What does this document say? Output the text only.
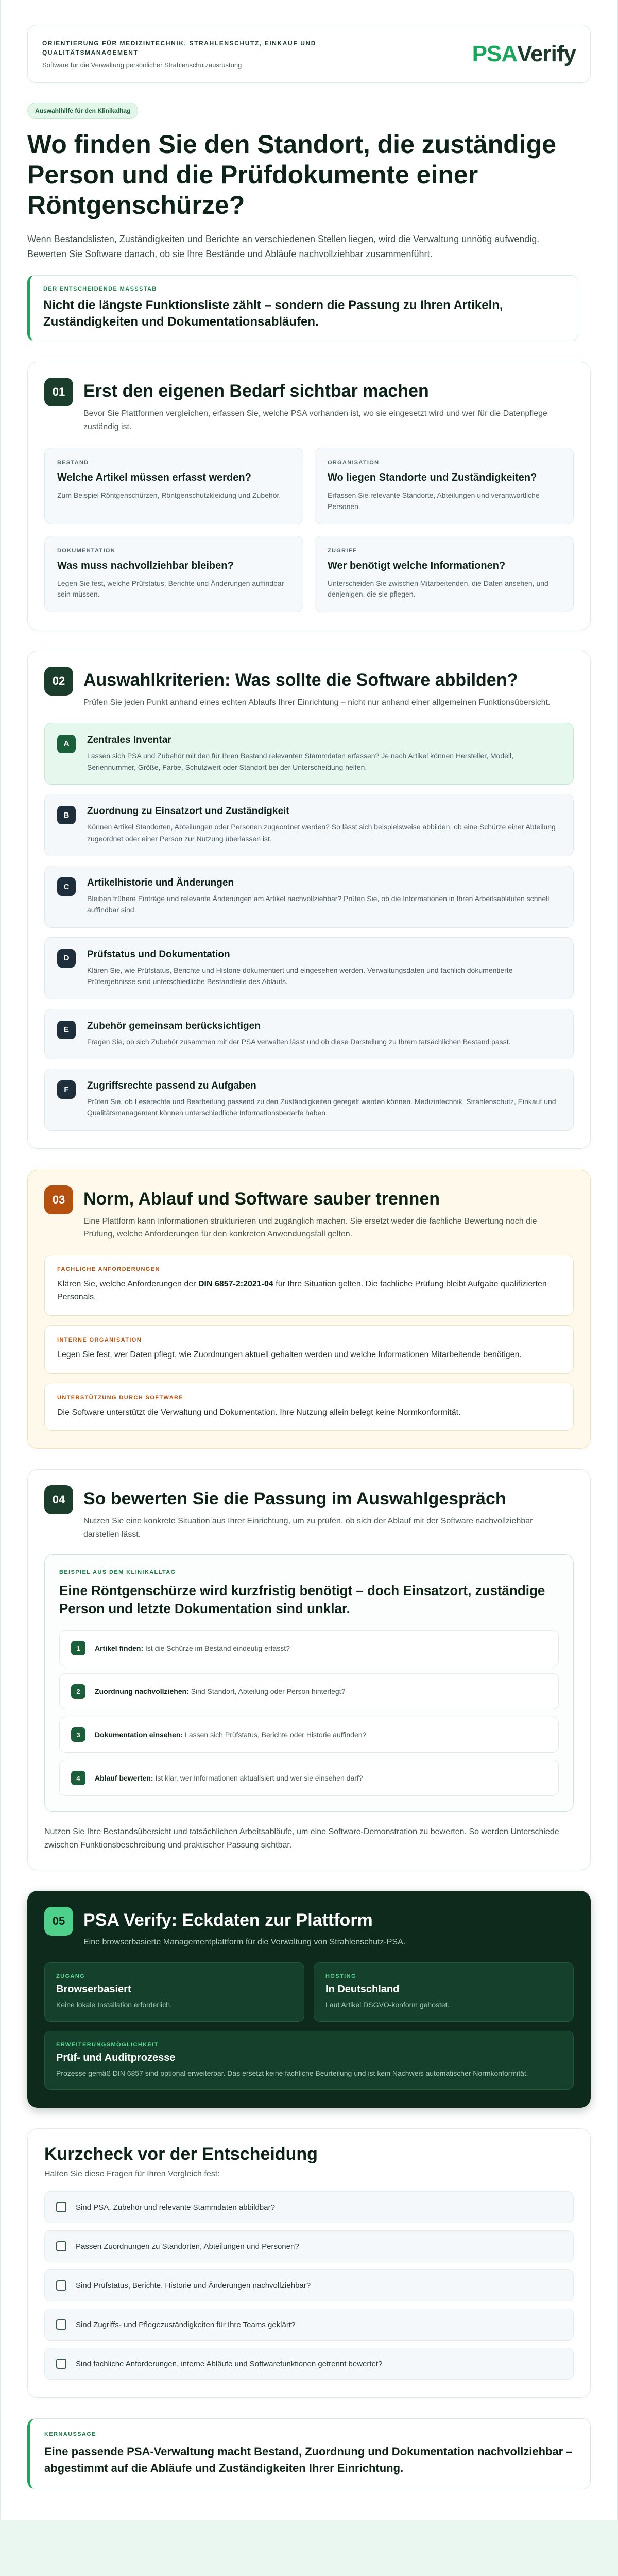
ORIENTIERUNG FÜR MEDIZINTECHNIK, STRAHLENSCHUTZ, EINKAUF UND QUALITÄTSMANAGEMENT
Software für die Verwaltung persönlicher Strahlenschutzausrüstung	PSA Verify
Auswahlhilfe für den Klinikalltag
Wo finden Sie den Standort, die zuständige Person und die Prüfdokumente einer Röntgenschürze?

Wenn Bestandslisten, Zuständigkeiten und Berichte an verschiedenen Stellen liegen, wird die Verwaltung unnötig aufwendig. Bewerten Sie Software danach, ob sie Ihre Bestände und Abläufe nachvollziehbar zusammenführt.

DER ENTSCHEIDENDE MASSSTAB
Nicht die längste Funktionsliste zählt – sondern die Passung zu Ihren Artikeln, Zuständigkeiten und Dokumentationsabläufen.
01	Erst den eigenen Bedarf sichtbar machen
Bevor Sie Plattformen vergleichen, erfassen Sie, welche PSA vorhanden ist, wo sie eingesetzt wird und wer für die Datenpflege zuständig ist.
BESTAND
Welche Artikel müssen erfasst werden?
Zum Beispiel Röntgenschürzen, Röntgenschutzkleidung und Zubehör.
ORGANISATION
Wo liegen Standorte und Zuständigkeiten?
Erfassen Sie relevante Standorte, Abteilungen und verantwortliche Personen.
DOKUMENTATION
Was muss nachvollziehbar bleiben?
Legen Sie fest, welche Prüfstatus, Berichte und Änderungen auffindbar sein müssen.
ZUGRIFF
Wer benötigt welche Informationen?
Unterscheiden Sie zwischen Mitarbeitenden, die Daten ansehen, und denjenigen, die sie pflegen.
02	Auswahlkriterien: Was sollte die Software abbilden?
Prüfen Sie jeden Punkt anhand eines echten Ablaufs Ihrer Einrichtung – nicht nur anhand einer allgemeinen Funktionsübersicht.
A	Zentrales Inventar
Lassen sich PSA und Zubehör mit den für Ihren Bestand relevanten Stammdaten erfassen? Je nach Artikel können Hersteller, Modell, Seriennummer, Größe, Farbe, Schutzwert oder Standort bei der Unterscheidung helfen.
B	Zuordnung zu Einsatzort und Zuständigkeit
Können Artikel Standorten, Abteilungen oder Personen zugeordnet werden? So lässt sich beispielsweise abbilden, ob eine Schürze einer Abteilung zugeordnet oder einer Person zur Nutzung überlassen ist.
C	Artikelhistorie und Änderungen
Bleiben frühere Einträge und relevante Änderungen am Artikel nachvollziehbar? Prüfen Sie, ob die Informationen in Ihren Arbeitsabläufen schnell auffindbar sind.
D	Prüfstatus und Dokumentation
Klären Sie, wie Prüfstatus, Berichte und Historie dokumentiert und eingesehen werden. Verwaltungsdaten und fachlich dokumentierte Prüfergebnisse sind unterschiedliche Bestandteile des Ablaufs.
E	Zubehör gemeinsam berücksichtigen
Fragen Sie, ob sich Zubehör zusammen mit der PSA verwalten lässt und ob diese Darstellung zu Ihrem tatsächlichen Bestand passt.
F	Zugriffsrechte passend zu Aufgaben
Prüfen Sie, ob Leserechte und Bearbeitung passend zu den Zuständigkeiten geregelt werden können. Medizintechnik, Strahlenschutz, Einkauf und Qualitätsmanagement können unterschiedliche Informationsbedarfe haben.
03	Norm, Ablauf und Software sauber trennen
Eine Plattform kann Informationen strukturieren und zugänglich machen. Sie ersetzt weder die fachliche Bewertung noch die Prüfung, welche Anforderungen für den konkreten Anwendungsfall gelten.
FACHLICHE ANFORDERUNGEN
Klären Sie, welche Anforderungen der DIN 6857-2:2021-04 für Ihre Situation gelten. Die fachliche Prüfung bleibt Aufgabe qualifizierten Personals.
INTERNE ORGANISATION
Legen Sie fest, wer Daten pflegt, wie Zuordnungen aktuell gehalten werden und welche Informationen Mitarbeitende benötigen.
UNTERSTÜTZUNG DURCH SOFTWARE
Die Software unterstützt die Verwaltung und Dokumentation. Ihre Nutzung allein belegt keine Normkonformität.
04	So bewerten Sie die Passung im Auswahlgespräch
Nutzen Sie eine konkrete Situation aus Ihrer Einrichtung, um zu prüfen, ob sich der Ablauf mit der Software nachvollziehbar darstellen lässt.
BEISPIEL AUS DEM KLINIKALLTAG
Eine Röntgenschürze wird kurzfristig benötigt – doch Einsatzort, zuständige Person und letzte Dokumentation sind unklar.
1	Artikel finden: Ist die Schürze im Bestand eindeutig erfasst?
2	Zuordnung nachvollziehen: Sind Standort, Abteilung oder Person hinterlegt?
3	Dokumentation einsehen: Lassen sich Prüfstatus, Berichte oder Historie auffinden?
4	Ablauf bewerten: Ist klar, wer Informationen aktualisiert und wer sie einsehen darf?

Nutzen Sie Ihre Bestandsübersicht und tatsächlichen Arbeitsabläufe, um eine Software-Demonstration zu bewerten. So werden Unterschiede zwischen Funktionsbeschreibung und praktischer Passung sichtbar.

05	PSA Verify: Eckdaten zur Plattform
Eine browserbasierte Managementplattform für die Verwaltung von Strahlenschutz-PSA.
ZUGANG
Browserbasiert
Keine lokale Installation erforderlich.
HOSTING
In Deutschland
Laut Artikel DSGVO-konform gehostet.
ERWEITERUNGSMÖGLICHKEIT
Prüf- und Auditprozesse
Prozesse gemäß DIN 6857 sind optional erweiterbar. Das ersetzt keine fachliche Beurteilung und ist kein Nachweis automatischer Normkonformität.
Kurzcheck vor der Entscheidung
Halten Sie diese Fragen für Ihren Vergleich fest:
Sind PSA, Zubehör und relevante Stammdaten abbildbar?
Passen Zuordnungen zu Standorten, Abteilungen und Personen?
Sind Prüfstatus, Berichte, Historie und Änderungen nachvollziehbar?
Sind Zugriffs- und Pflegezuständigkeiten für Ihre Teams geklärt?
Sind fachliche Anforderungen, interne Abläufe und Softwarefunktionen getrennt bewertet?
KERNAUSSAGE
Eine passende PSA-Verwaltung macht Bestand, Zuordnung und Dokumentation nachvollziehbar – abgestimmt auf die Abläufe und Zuständigkeiten Ihrer Einrichtung.
